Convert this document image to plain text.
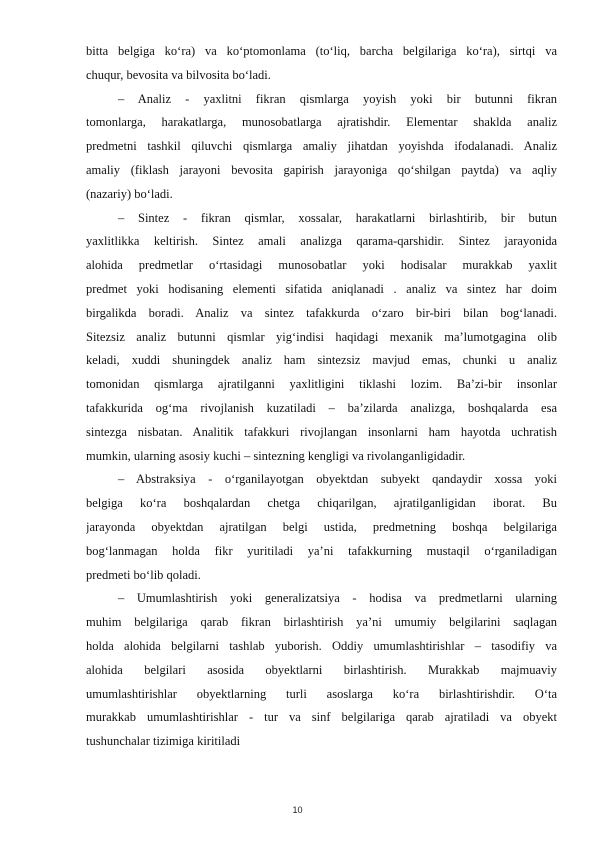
bitta belgiga ko‘ra) va ko‘ptomonlama (to‘liq, barcha belgilariga ko‘ra), sirtqi va
chuqur, bevosita va bilvosita bo‘ladi.
– Analiz - yaxlitni fikran qismlarga yoyish yoki bir butunni fikran
tomonlarga, harakatlarga, munosobatlarga ajratishdir. Elementar shaklda analiz
predmetni tashkil qiluvchi qismlarga amaliy jihatdan yoyishda ifodalanadi. Analiz
amaliy (fiklash jarayoni bevosita gapirish jarayoniga qo‘shilgan paytda) va aqliy
(nazariy) bo‘ladi.
– Sintez - fikran qismlar, xossalar, harakatlarni birlashtirib, bir butun
yaxlitlikka keltirish. Sintez amali analizga qarama-qarshidir. Sintez jarayonida
alohida predmetlar o‘rtasidagi munosobatlar yoki hodisalar murakkab yaxlit
predmet yoki hodisaning elementi sifatida aniqlanadi . analiz va sintez har doim
birgalikda boradi. Analiz va sintez tafakkurda o‘zaro bir-biri bilan bog‘lanadi.
Sitezsiz analiz butunni qismlar yig‘indisi haqidagi mexanik ma’lumotgagina olib
keladi, xuddi shuningdek analiz ham sintezsiz mavjud emas, chunki u analiz
tomonidan qismlarga ajratilganni yaxlitligini tiklashi lozim. Ba’zi-bir insonlar
tafakkurida og‘ma rivojlanish kuzatiladi – ba’zilarda analizga, boshqalarda esa
sintezga nisbatan. Analitik tafakkuri rivojlangan insonlarni ham hayotda uchratish
mumkin, ularning asosiy kuchi – sintezning kengligi va rivolanganligidadir.
– Abstraksiya - o‘rganilayotgan obyektdan subyekt qandaydir xossa yoki
belgiga ko‘ra boshqalardan chetga chiqarilgan, ajratilganligidan iborat. Bu
jarayonda obyektdan ajratilgan belgi ustida, predmetning boshqa belgilariga
bog‘lanmagan holda fikr yuritiladi ya’ni tafakkurning mustaqil o‘rganiladigan
predmeti bo‘lib qoladi.
– Umumlashtirish yoki generalizatsiya - hodisa va predmetlarni ularning
muhim belgilariga qarab fikran birlashtirish ya’ni umumiy belgilarini saqlagan
holda alohida belgilarni tashlab yuborish. Oddiy umumlashtirishlar – tasodifiy va
alohida belgilari asosida obyektlarni birlashtirish. Murakkab majmuaviy
umumlashtirishlar obyektlarning turli asoslarga ko‘ra birlashtirishdir. O‘ta
murakkab umumlashtirishlar - tur va sinf belgilariga qarab ajratiladi va obyekt
tushunchalar tizimiga kiritiladi
10
